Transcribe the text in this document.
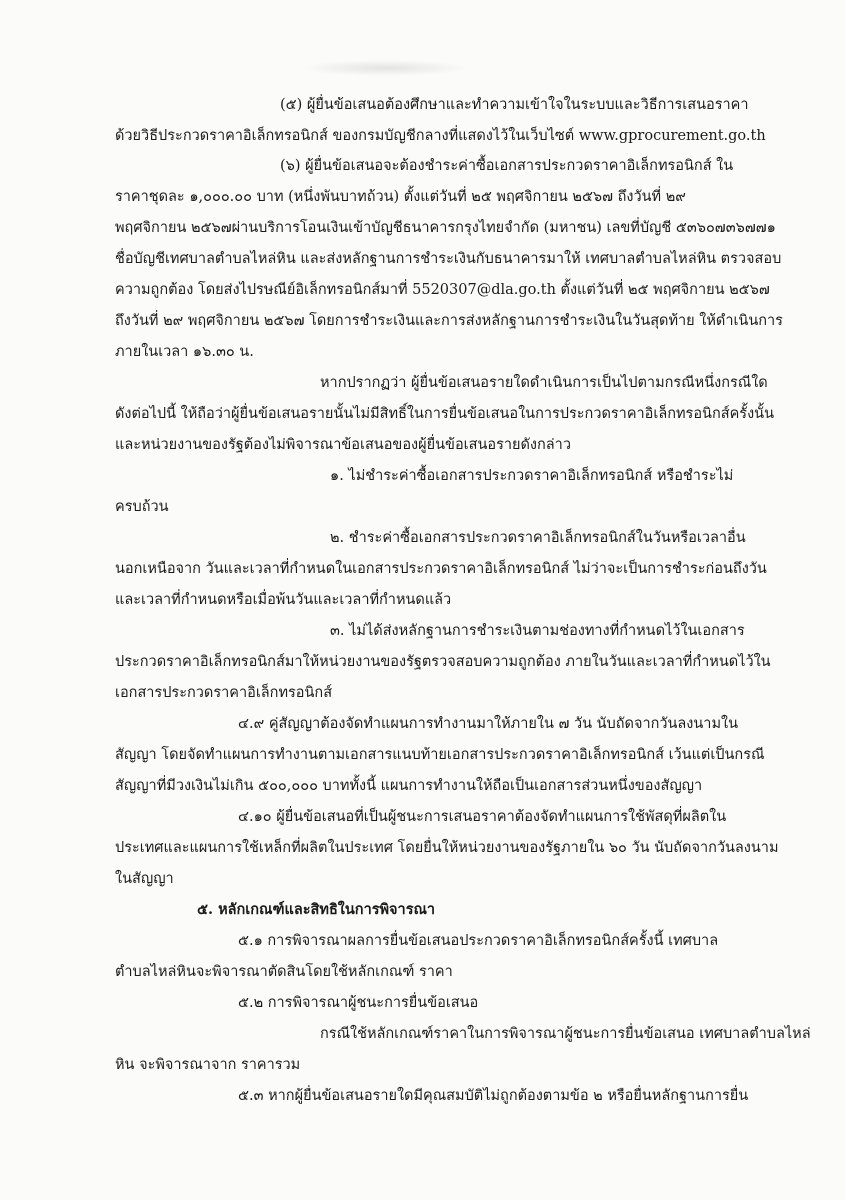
(๕) ผู้ยื่นข้อเสนอต้องศึกษาและทำความเข้าใจในระบบและวิธีการเสนอราคา
ด้วยวิธีประกวดราคาอิเล็กทรอนิกส์ ของกรมบัญชีกลางที่แสดงไว้ในเว็บไซต์ www.gprocurement.go.th
(๖) ผู้ยื่นข้อเสนอจะต้องชำระค่าซื้อเอกสารประกวดราคาอิเล็กทรอนิกส์ ใน
ราคาชุดละ ๑,๐๐๐.๐๐ บาท (หนึ่งพันบาทถ้วน) ตั้งแต่วันที่ ๒๕ พฤศจิกายน ๒๕๖๗ ถึงวันที่ ๒๙
พฤศจิกายน ๒๕๖๗ผ่านบริการโอนเงินเข้าบัญชีธนาคารกรุงไทยจำกัด (มหาชน) เลขที่บัญชี ๕๓๖๐๗๓๖๗๗๑
ชื่อบัญชีเทศบาลตำบลไหล่หิน และส่งหลักฐานการชำระเงินกับธนาคารมาให้ เทศบาลตำบลไหล่หิน ตรวจสอบ
ความถูกต้อง โดยส่งไปรษณีย์อิเล็กทรอนิกส์มาที่ 5520307@dla.go.th ตั้งแต่วันที่ ๒๕ พฤศจิกายน ๒๕๖๗
ถึงวันที่ ๒๙ พฤศจิกายน ๒๕๖๗ โดยการชำระเงินและการส่งหลักฐานการชำระเงินในวันสุดท้าย ให้ดำเนินการ
ภายในเวลา ๑๖.๓๐ น.
หากปรากฏว่า ผู้ยื่นข้อเสนอรายใดดำเนินการเป็นไปตามกรณีหนึ่งกรณีใด
ดังต่อไปนี้ ให้ถือว่าผู้ยื่นข้อเสนอรายนั้นไม่มีสิทธิ์ในการยื่นข้อเสนอในการประกวดราคาอิเล็กทรอนิกส์ครั้งนั้น
และหน่วยงานของรัฐต้องไม่พิจารณาข้อเสนอของผู้ยื่นข้อเสนอรายดังกล่าว
๑. ไม่ชำระค่าซื้อเอกสารประกวดราคาอิเล็กทรอนิกส์ หรือชำระไม่
ครบถ้วน
๒. ชำระค่าซื้อเอกสารประกวดราคาอิเล็กทรอนิกส์ในวันหรือเวลาอื่น
นอกเหนือจาก วันและเวลาที่กำหนดในเอกสารประกวดราคาอิเล็กทรอนิกส์ ไม่ว่าจะเป็นการชำระก่อนถึงวัน
และเวลาที่กำหนดหรือเมื่อพ้นวันและเวลาที่กำหนดแล้ว
๓. ไม่ได้ส่งหลักฐานการชำระเงินตามช่องทางที่กำหนดไว้ในเอกสาร
ประกวดราคาอิเล็กทรอนิกส์มาให้หน่วยงานของรัฐตรวจสอบความถูกต้อง ภายในวันและเวลาที่กำหนดไว้ใน
เอกสารประกวดราคาอิเล็กทรอนิกส์
๔.๙ คู่สัญญาต้องจัดทำแผนการทำงานมาให้ภายใน ๗ วัน นับถัดจากวันลงนามใน
สัญญา โดยจัดทำแผนการทำงานตามเอกสารแนบท้ายเอกสารประกวดราคาอิเล็กทรอนิกส์ เว้นแต่เป็นกรณี
สัญญาที่มีวงเงินไม่เกิน ๕๐๐,๐๐๐ บาททั้งนี้ แผนการทำงานให้ถือเป็นเอกสารส่วนหนึ่งของสัญญา
๔.๑๐ ผู้ยื่นข้อเสนอที่เป็นผู้ชนะการเสนอราคาต้องจัดทำแผนการใช้พัสดุที่ผลิตใน
ประเทศและแผนการใช้เหล็กที่ผลิตในประเทศ โดยยื่นให้หน่วยงานของรัฐภายใน ๖๐ วัน นับถัดจากวันลงนาม
ในสัญญา
๕. หลักเกณฑ์และสิทธิในการพิจารณา
๕.๑ การพิจารณาผลการยื่นข้อเสนอประกวดราคาอิเล็กทรอนิกส์ครั้งนี้ เทศบาล
ตำบลไหล่หินจะพิจารณาตัดสินโดยใช้หลักเกณฑ์ ราคา
๕.๒ การพิจารณาผู้ชนะการยื่นข้อเสนอ
กรณีใช้หลักเกณฑ์ราคาในการพิจารณาผู้ชนะการยื่นข้อเสนอ เทศบาลตำบลไหล่
หิน จะพิจารณาจาก ราคารวม
๕.๓ หากผู้ยื่นข้อเสนอรายใดมีคุณสมบัติไม่ถูกต้องตามข้อ ๒ หรือยื่นหลักฐานการยื่น
